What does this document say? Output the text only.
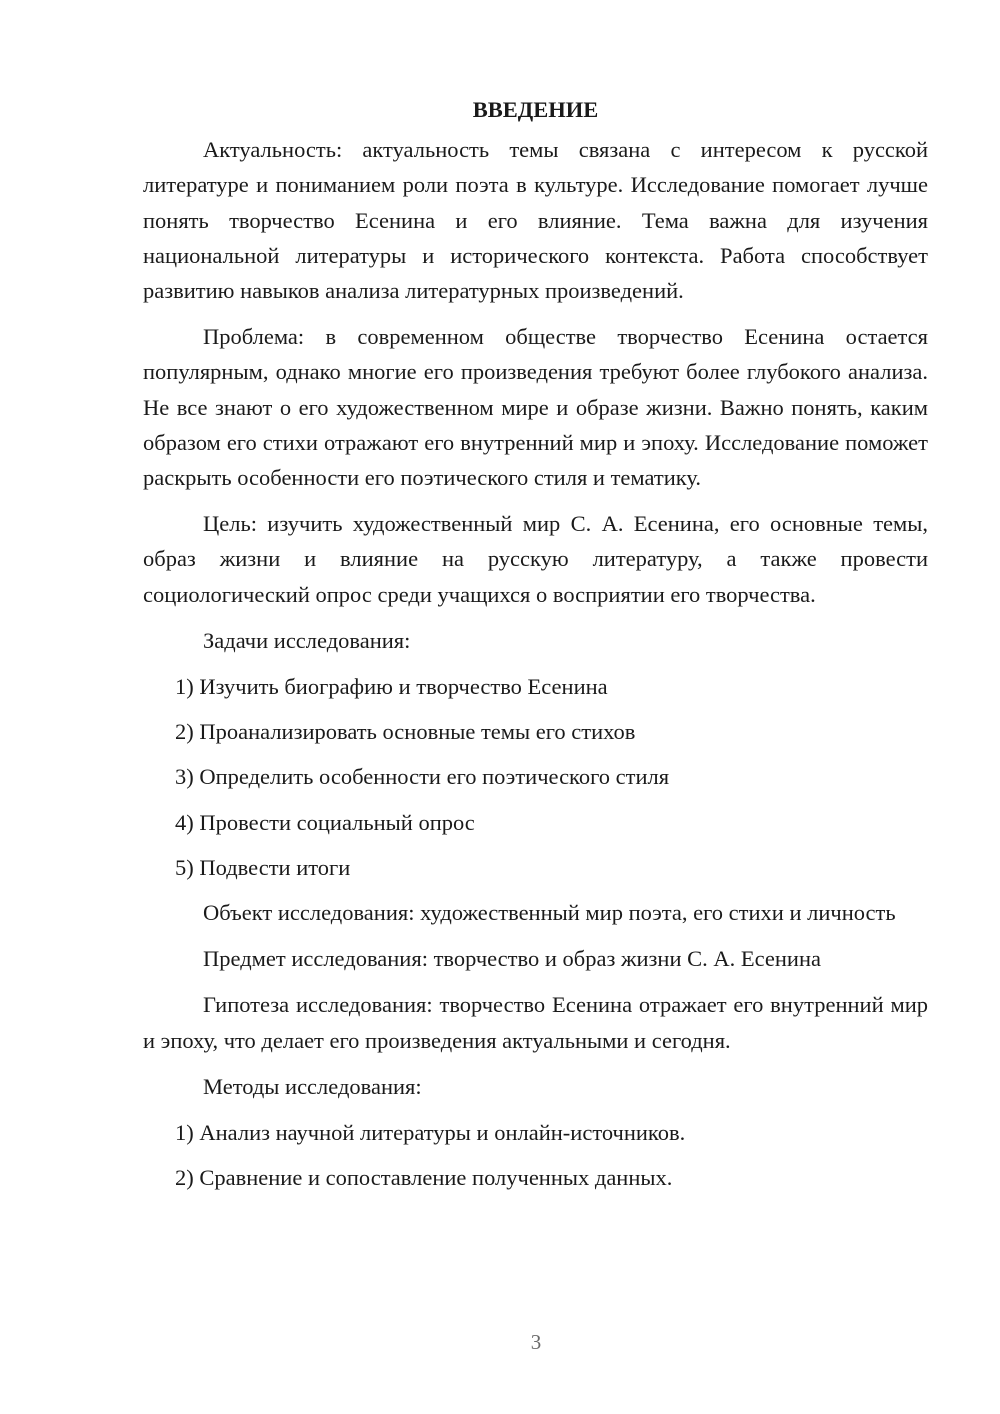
ВВЕДЕНИЕ

Актуальность: актуальность темы связана с интересом к русской литературе и пониманием роли поэта в культуре. Исследование помогает лучше понять творчество Есенина и его влияние. Тема важна для изучения национальной литературы и исторического контекста. Работа способствует развитию навыков анализа литературных произведений.

Проблема: в современном обществе творчество Есенина остается популярным, однако многие его произведения требуют более глубокого анализа. Не все знают о его художественном мире и образе жизни. Важно понять, каким образом его стихи отражают его внутренний мир и эпоху. Исследование поможет раскрыть особенности его поэтического стиля и тематику.

Цель: изучить художественный мир С. А. Есенина, его основные темы, образ жизни и влияние на русскую литературу, а также провести социологический опрос среди учащихся о восприятии его творчества.

Задачи исследования:

1) Изучить биографию и творчество Есенина
2) Проанализировать основные темы его стихов
3) Определить особенности его поэтического стиля
4) Провести социальный опрос
5) Подвести итоги

Объект исследования: художественный мир поэта, его стихи и личность

Предмет исследования: творчество и образ жизни С. А. Есенина

Гипотеза исследования: творчество Есенина отражает его внутренний мир и эпоху, что делает его произведения актуальными и сегодня.

Методы исследования:

1) Анализ научной литературы и онлайн-источников.
2) Сравнение и сопоставление полученных данных.
3
